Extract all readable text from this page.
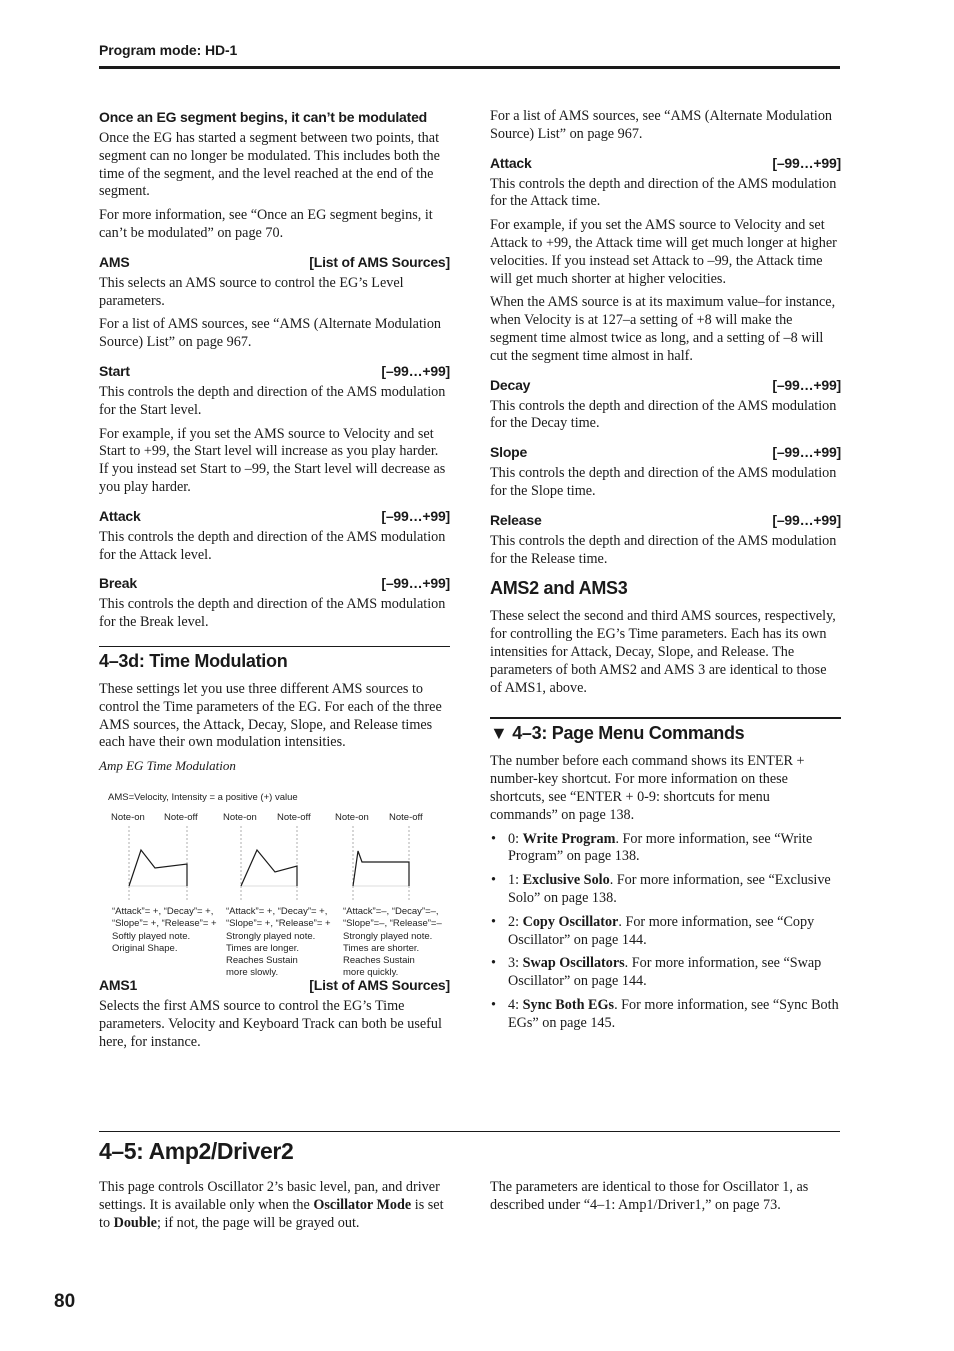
Program mode: HD-1
Once an EG segment begins, it can’t be modulated

Once the EG has started a segment between two points, that segment can no longer be modulated. This includes both the time of the segment, and the level reached at the end of the segment.

For more information, see “Once an EG segment begins, it can’t be modulated” on page 70.

AMS	[List of AMS Sources]

This selects an AMS source to control the EG’s Level parameters.

For a list of AMS sources, see “AMS (Alternate Modulation Source) List” on page 967.

Start	[–99…+99]

This controls the depth and direction of the AMS modulation for the Start level.

For example, if you set the AMS source to Velocity and set Start to +99, the Start level will increase as you play harder. If you instead set Start to –99, the Start level will decrease as you play harder.

Attack	[–99…+99]

This controls the depth and direction of the AMS modulation for the Attack level.

Break	[–99…+99]

This controls the depth and direction of the AMS modulation for the Break level.

4–3d: Time Modulation

These settings let you use three different AMS sources to control the Time parameters of the EG. For each of the three AMS sources, the Attack, Decay, Slope, and Release times each have their own modulation intensities.

Amp EG Time Modulation
AMS=Velocity, Intensity = a positive (+) value
Note-on Note-off	Note-on Note-off	Note-on Note-off
“Attack”= +, “Decay”= +,
“Slope”= +, “Release”= +
“Attack”= +, “Decay”= +,
“Slope”= +, “Release”= +
“Attack”=–, “Decay”=–,
“Slope”=–, “Release”=–
Softly played note.
Original Shape.
Strongly played note.
Times are longer.
Reaches Sustain
more slowly.
Strongly played note.
Times are shorter.
Reaches Sustain
more quickly.
AMS1	[List of AMS Sources]

Selects the first AMS source to control the EG’s Time parameters. Velocity and Keyboard Track can both be useful here, for instance.

For a list of AMS sources, see “AMS (Alternate Modulation Source) List” on page 967.

Attack	[–99…+99]

This controls the depth and direction of the AMS modulation for the Attack time.

For example, if you set the AMS source to Velocity and set Attack to +99, the Attack time will get much longer at higher velocities. If you instead set Attack to –99, the Attack time will get much shorter at higher velocities.

When the AMS source is at its maximum value–for instance, when Velocity is at 127–a setting of +8 will make the segment time almost twice as long, and a setting of –8 will cut the segment time almost in half.

Decay	[–99…+99]

This controls the depth and direction of the AMS modulation for the Decay time.

Slope	[–99…+99]

This controls the depth and direction of the AMS modulation for the Slope time.

Release	[–99…+99]

This controls the depth and direction of the AMS modulation for the Release time.

AMS2 and AMS3

These select the second and third AMS sources, respectively, for controlling the EG’s Time parameters. Each has its own intensities for Attack, Decay, Slope, and Release. The parameters of both AMS2 and AMS 3 are identical to those of AMS1, above.

▼ 4–3: Page Menu Commands

The number before each command shows its ENTER + number-key shortcut. For more information on these shortcuts, see “ENTER + 0-9: shortcuts for menu commands” on page 138.

• 0: Write Program. For more information, see “Write Program” on page 138.
• 1: Exclusive Solo. For more information, see “Exclusive Solo” on page 138.
• 2: Copy Oscillator. For more information, see “Copy Oscillator” on page 144.
• 3: Swap Oscillators. For more information, see “Swap Oscillator” on page 144.
• 4: Sync Both EGs. For more information, see “Sync Both EGs” on page 145.
4–5: Amp2/Driver2

This page controls Oscillator 2’s basic level, pan, and driver settings. It is available only when the Oscillator Mode is set to Double; if not, the page will be grayed out.

The parameters are identical to those for Oscillator 1, as described under “4–1: Amp1/Driver1,” on page 73.

80
